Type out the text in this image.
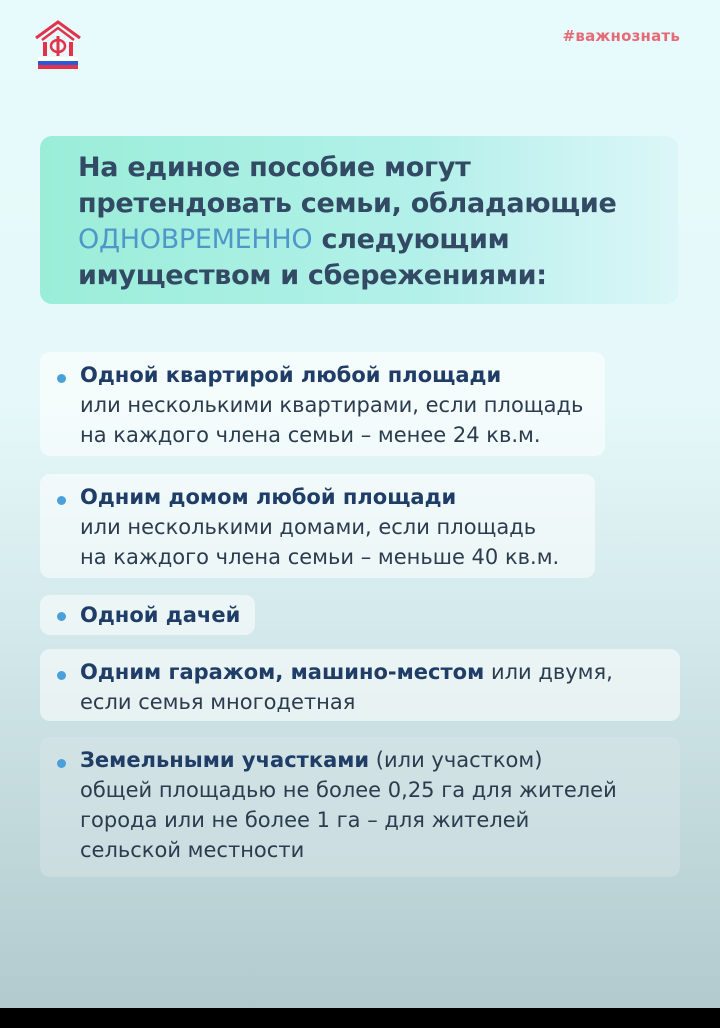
#важнознать
На единое пособие могут
претендовать семьи, обладающие
ОДНОВРЕМЕННО следующим
имуществом и сбережениями:
Одной квартирой любой площади
или несколькими квартирами, если площадь
на каждого члена семьи – менее 24 кв.м.
Одним домом любой площади
или несколькими домами, если площадь
на каждого члена семьи – меньше 40 кв.м.
Одной дачей
Одним гаражом, машино-местом или двумя,
если семья многодетная
Земельными участками (или участком)
общей площадью не более 0,25 га для жителей
города или не более 1 га – для жителей
сельской местности
